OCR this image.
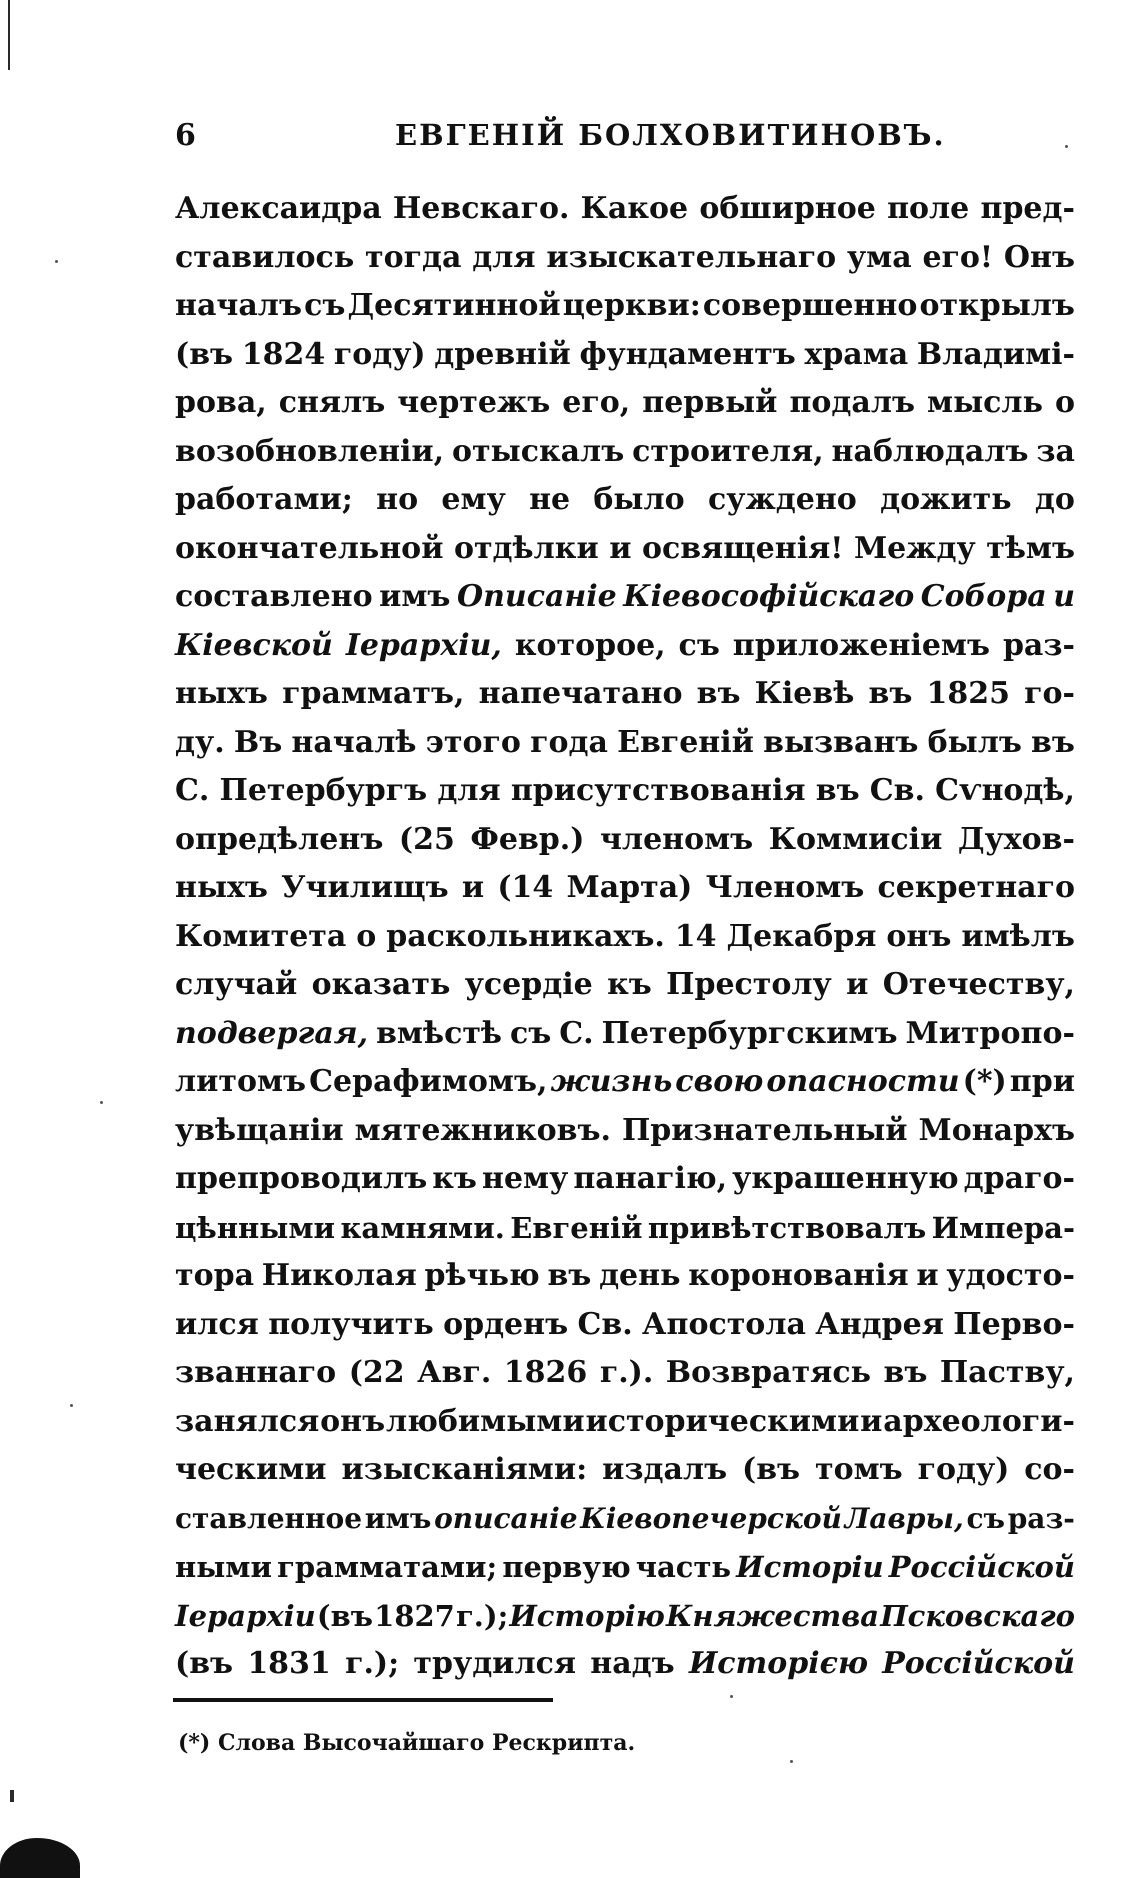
6	ЕВГЕНІЙ БОЛХОВИТИНОВЪ.
Алексаидра Невскаго. Какое обширное поле пред-
ставилось тогда для изыскательнаго ума его! Онъ
началъ съ Десятинной церкви: совершенно открылъ
(въ 1824 году) древній фундаментъ храма Владимі-
рова, снялъ чертежъ его, первый подалъ мысль о
возобновленіи, отыскалъ строителя, наблюдалъ за
работами; но ему не было суждено дожить до
окончательной отдѣлки и освященія! Между тѣмъ
составлено имъ Описаніе Кіевософійскаго Собора и
Кіевской Іерархіи, которое, съ приложеніемъ раз-
ныхъ грамматъ, напечатано въ Кіевѣ въ 1825 го-
ду. Въ началѣ этого года Евгеній вызванъ былъ въ
С. Петербургъ для присутствованія въ Св. Сѵнодѣ,
опредѣленъ (25 Февр.) членомъ Коммисіи Духов-
ныхъ Училищъ и (14 Марта) Членомъ секретнаго
Комитета о раскольникахъ. 14 Декабря онъ имѣлъ
случай оказать усердіе къ Престолу и Отечеству,
подвергая, вмѣстѣ съ С. Петербургскимъ Митропо-
литомъ Серафимомъ, жизнь свою опасности (*) при
увѣщаніи мятежниковъ. Признательный Монархъ
препроводилъ къ нему панагію, украшенную драго-
цѣнными камнями. Евгеній привѣтствовалъ Импера-
тора Николая рѣчью въ день коронованія и удосто-
ился получить орденъ Св. Апостола Андрея Перво-
званнаго (22 Авг. 1826 г.). Возвратясь въ Паству,
занялся онъ любимыми историческими и археологи-
ческими изысканіями: издалъ (въ томъ году) со-
ставленное имъ описаніе Кіевопечерской Лавры, съ раз-
ными грамматами; первую часть Исторіи Россійской
Іерархіи (въ 1827 г.); Исторію Княжества Псковскаго
(въ 1831 г.); трудился надъ Исторією Россійской
(*) Слова Высочайшаго Рескрипта.
